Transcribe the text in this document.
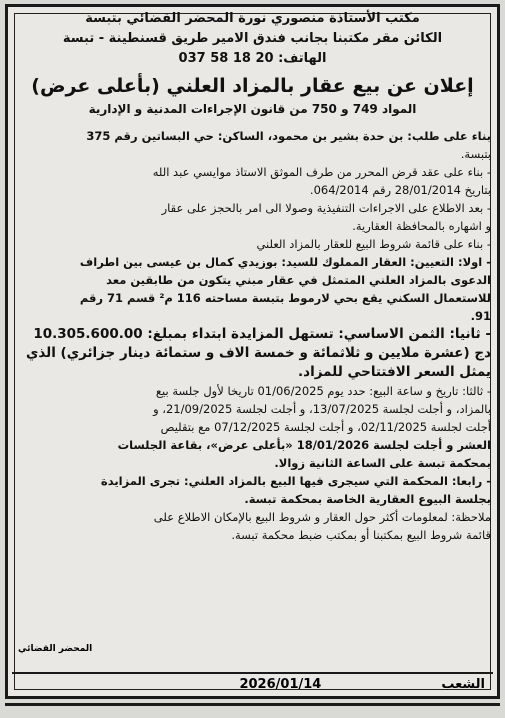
مكتب الأستاذة منصوري نورة المحضر القضائي بتبسة
الكائن مقر مكتبنا بجانب فندق الامير طريق قسنطينة - تبسة
الهاتف: 20 18 58 037
إعلان عن بيع عقار بالمزاد العلني (بأعلى عرض)
المواد 749 و 750 من قانون الإجراءات المدنية و الإدارية
بناء على طلب: بن حدة بشير بن محمود، الساكن: حي البساتين رقم 375
بتبسة.
- بناء على عقد قرض المحرر من طرف الموثق الاستاذ موايسي عبد الله
بتاريخ 28/01/2014 رقم 064/2014.
- بعد الاطلاع على الاجراءات التنفيذية وصولا الى امر بالحجز على عقار
و اشهاره بالمحافظة العقارية.
- بناء على قائمة شروط البيع للعقار بالمزاد العلني
- اولا: التعيين: العقار المملوك للسيد: بوزيدي كمال بن عيسى بين اطراف
الدعوى بالمزاد العلني المتمثل في عقار مبني يتكون من طابقين معد
للاستعمال السكني يقع بحي لارموط بتبسة مساحته 116 م² قسم 71 رقم
91.
- ثانيا: الثمن الاساسي: تستهل المزايدة ابتداء بمبلغ: 10.305.600.00
دج (عشرة ملايين و ثلاثمائة و خمسة الاف و ستمائة دينار جزائري) الذي
يمثل السعر الافتتاحي للمزاد.
- ثالثا: تاريخ و ساعة البيع: حدد يوم 01/06/2025 تاريخا لأول جلسة بيع
بالمزاد، و أجلت لجلسة 13/07/2025، و أجلت لجلسة 21/09/2025، و
أجلت لجلسة 02/11/2025، و أجلت لجلسة 07/12/2025 مع بتقليص
العشر و أجلت لجلسة 18/01/2026 «بأعلى عرض»، بقاعة الجلسات
بمحكمة تبسة على الساعة الثانية زوالا.
- رابعا: المحكمة التي سيجرى فيها البيع بالمزاد العلني: تجرى المزايدة
بجلسة البيوع العقارية الخاصة بمحكمة تبسة.
ملاحظة: لمعلومات أكثر حول العقار و شروط البيع بالإمكان الاطلاع على
قائمة شروط البيع بمكتبنا أو بمكتب ضبط محكمة تبسة.
المحضر القضائي
الشعب
2026/01/14
